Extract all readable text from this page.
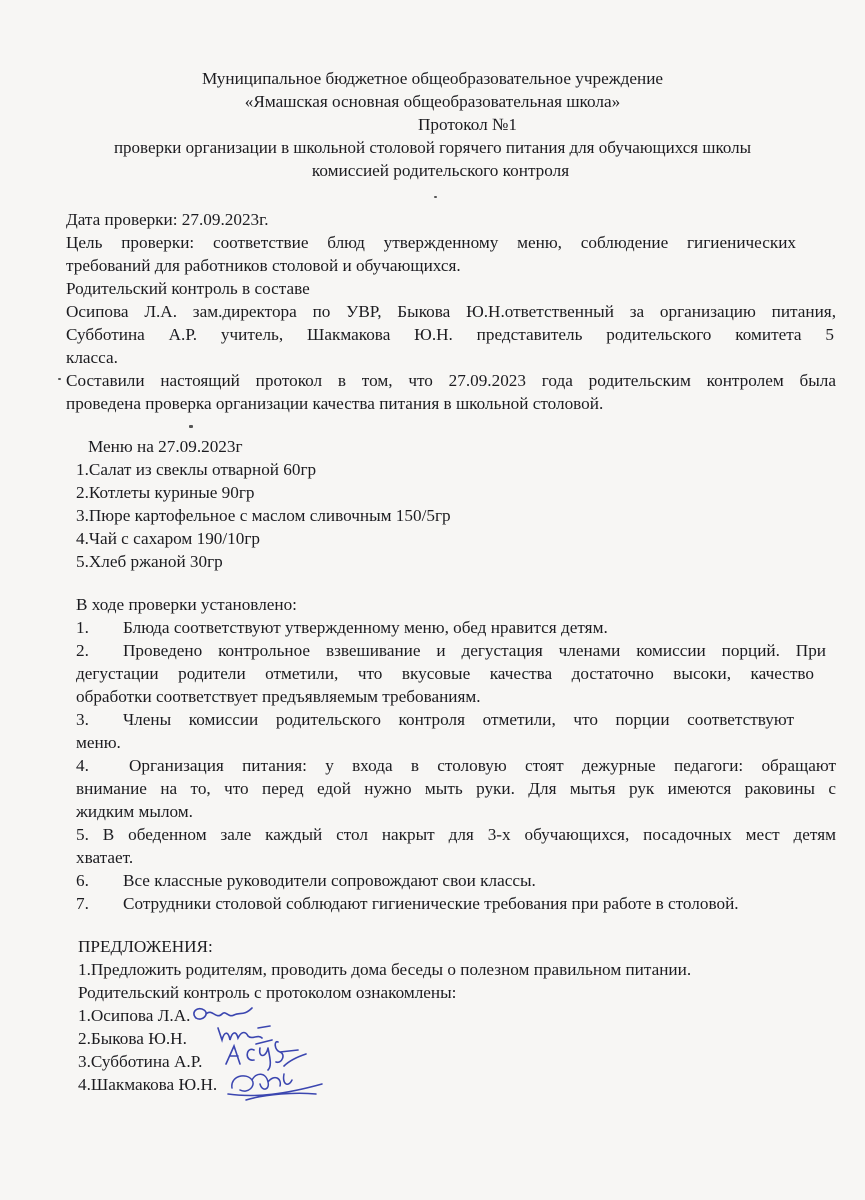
Муниципальное бюджетное общеобразовательное учреждение
«Ямашская основная общеобразовательная школа»
Протокол №1
проверки организации в школьной столовой горячего питания для обучающихся школы
комиссией родительского контроля
Дата проверки: 27.09.2023г.
Цель проверки: соответствие блюд утвержденному меню, соблюдение гигиенических
требований для работников столовой и обучающихся.
Родительский контроль в составе
Осипова Л.А. зам.директора по УВР, Быкова Ю.Н.ответственный за организацию питания,
Субботина А.Р. учитель, Шакмакова Ю.Н. представитель родительского комитета 5
класса.
Составили настоящий протокол в том, что 27.09.2023 года родительским контролем была
проведена проверка организации качества питания в школьной столовой.
Меню на 27.09.2023г
1.Салат из свеклы отварной 60гр
2.Котлеты куриные 90гр
3.Пюре картофельное с маслом сливочным 150/5гр
4.Чай с сахаром 190/10гр
5.Хлеб ржаной 30гр
В ходе проверки установлено:
1. Блюда соответствуют утвержденному меню, обед нравится детям.
2. Проведено контрольное взвешивание и дегустация членами комиссии порций. При
дегустации родители отметили, что вкусовые качества достаточно высоки, качество
обработки соответствует предъявляемым требованиям.
3. Члены комиссии родительского контроля отметили, что порции соответствуют
меню.
4. Организация питания: у входа в столовую стоят дежурные педагоги: обращают
внимание на то, что перед едой нужно мыть руки. Для мытья рук имеются раковины с
жидким мылом.
5. В обеденном зале каждый стол накрыт для 3-х обучающихся, посадочных мест детям
хватает.
6. Все классные руководители сопровождают свои классы.
7. Сотрудники столовой соблюдают гигиенические требования при работе в столовой.
ПРЕДЛОЖЕНИЯ:
1.Предложить родителям, проводить дома беседы о полезном правильном питании.
Родительский контроль с протоколом ознакомлены:
1.Осипова Л.А.
2.Быкова Ю.Н.
3.Субботина А.Р.
4.Шакмакова Ю.Н.
